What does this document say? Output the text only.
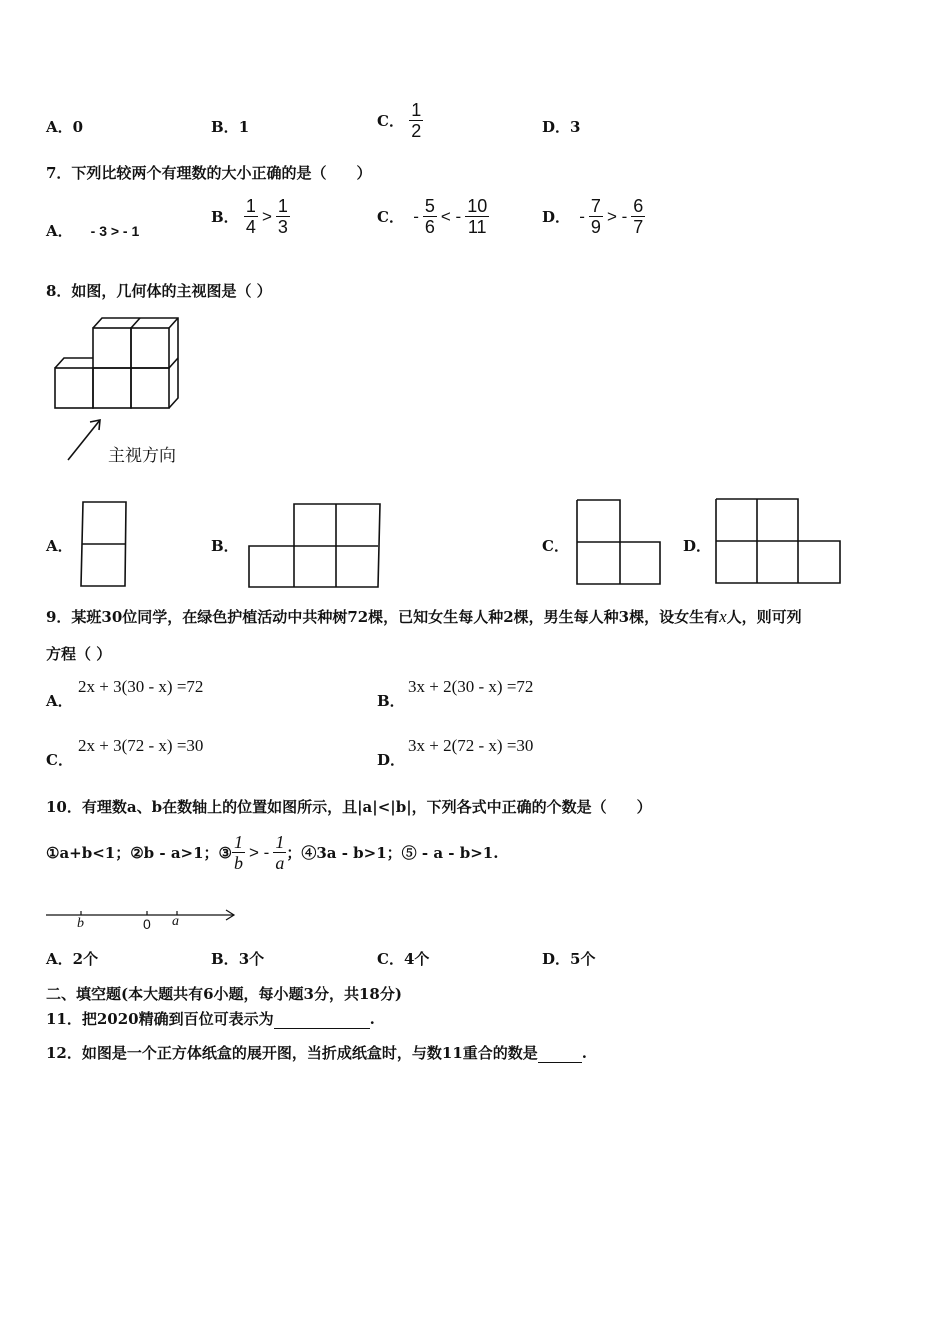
A．0	B．1	C． $\frac{1}{2}$	D．3
7．下列比较两个有理数的大小正确的是（　　）
A． - 3 > - 1
B． $\frac{1}{4} > \frac{1}{3}$	C． - $\frac{5}{6}$ < - $\frac{10}{11}$	D． - $\frac{7}{9}$ > - $\frac{6}{7}$
8．如图，几何体的主视图是（ ）
主视方向
A．	B．	C．	D．
9．某班30位同学，在绿色护植活动中共种树72棵，已知女生每人种2棵，男生每人种3棵，设女生有x人，则可列
方程（ ）
A．
2x + 3(30 - x) =72
B．
3x + 2(30 - x) =72
C．
2x + 3(72 - x) =30
D．
3x + 2(72 - x) =30
10．有理数a、b在数轴上的位置如图所示，且|a|<|b|，下列各式中正确的个数是（　　）
①a+b<1；②b - a>1；③ $\frac{1}{b}$ > - $\frac{1}{a}$ ；④3a - b>1；⑤ - a - b>1.
b	0 a
A．2个	B．3个	C．4个	D．5个
二、填空题(本大题共有6小题，每小题3分，共18分)
11．把2020精确到百位可表示为	.
12．如图是一个正方体纸盒的展开图，当折成纸盒时，与数11重合的数是	.
